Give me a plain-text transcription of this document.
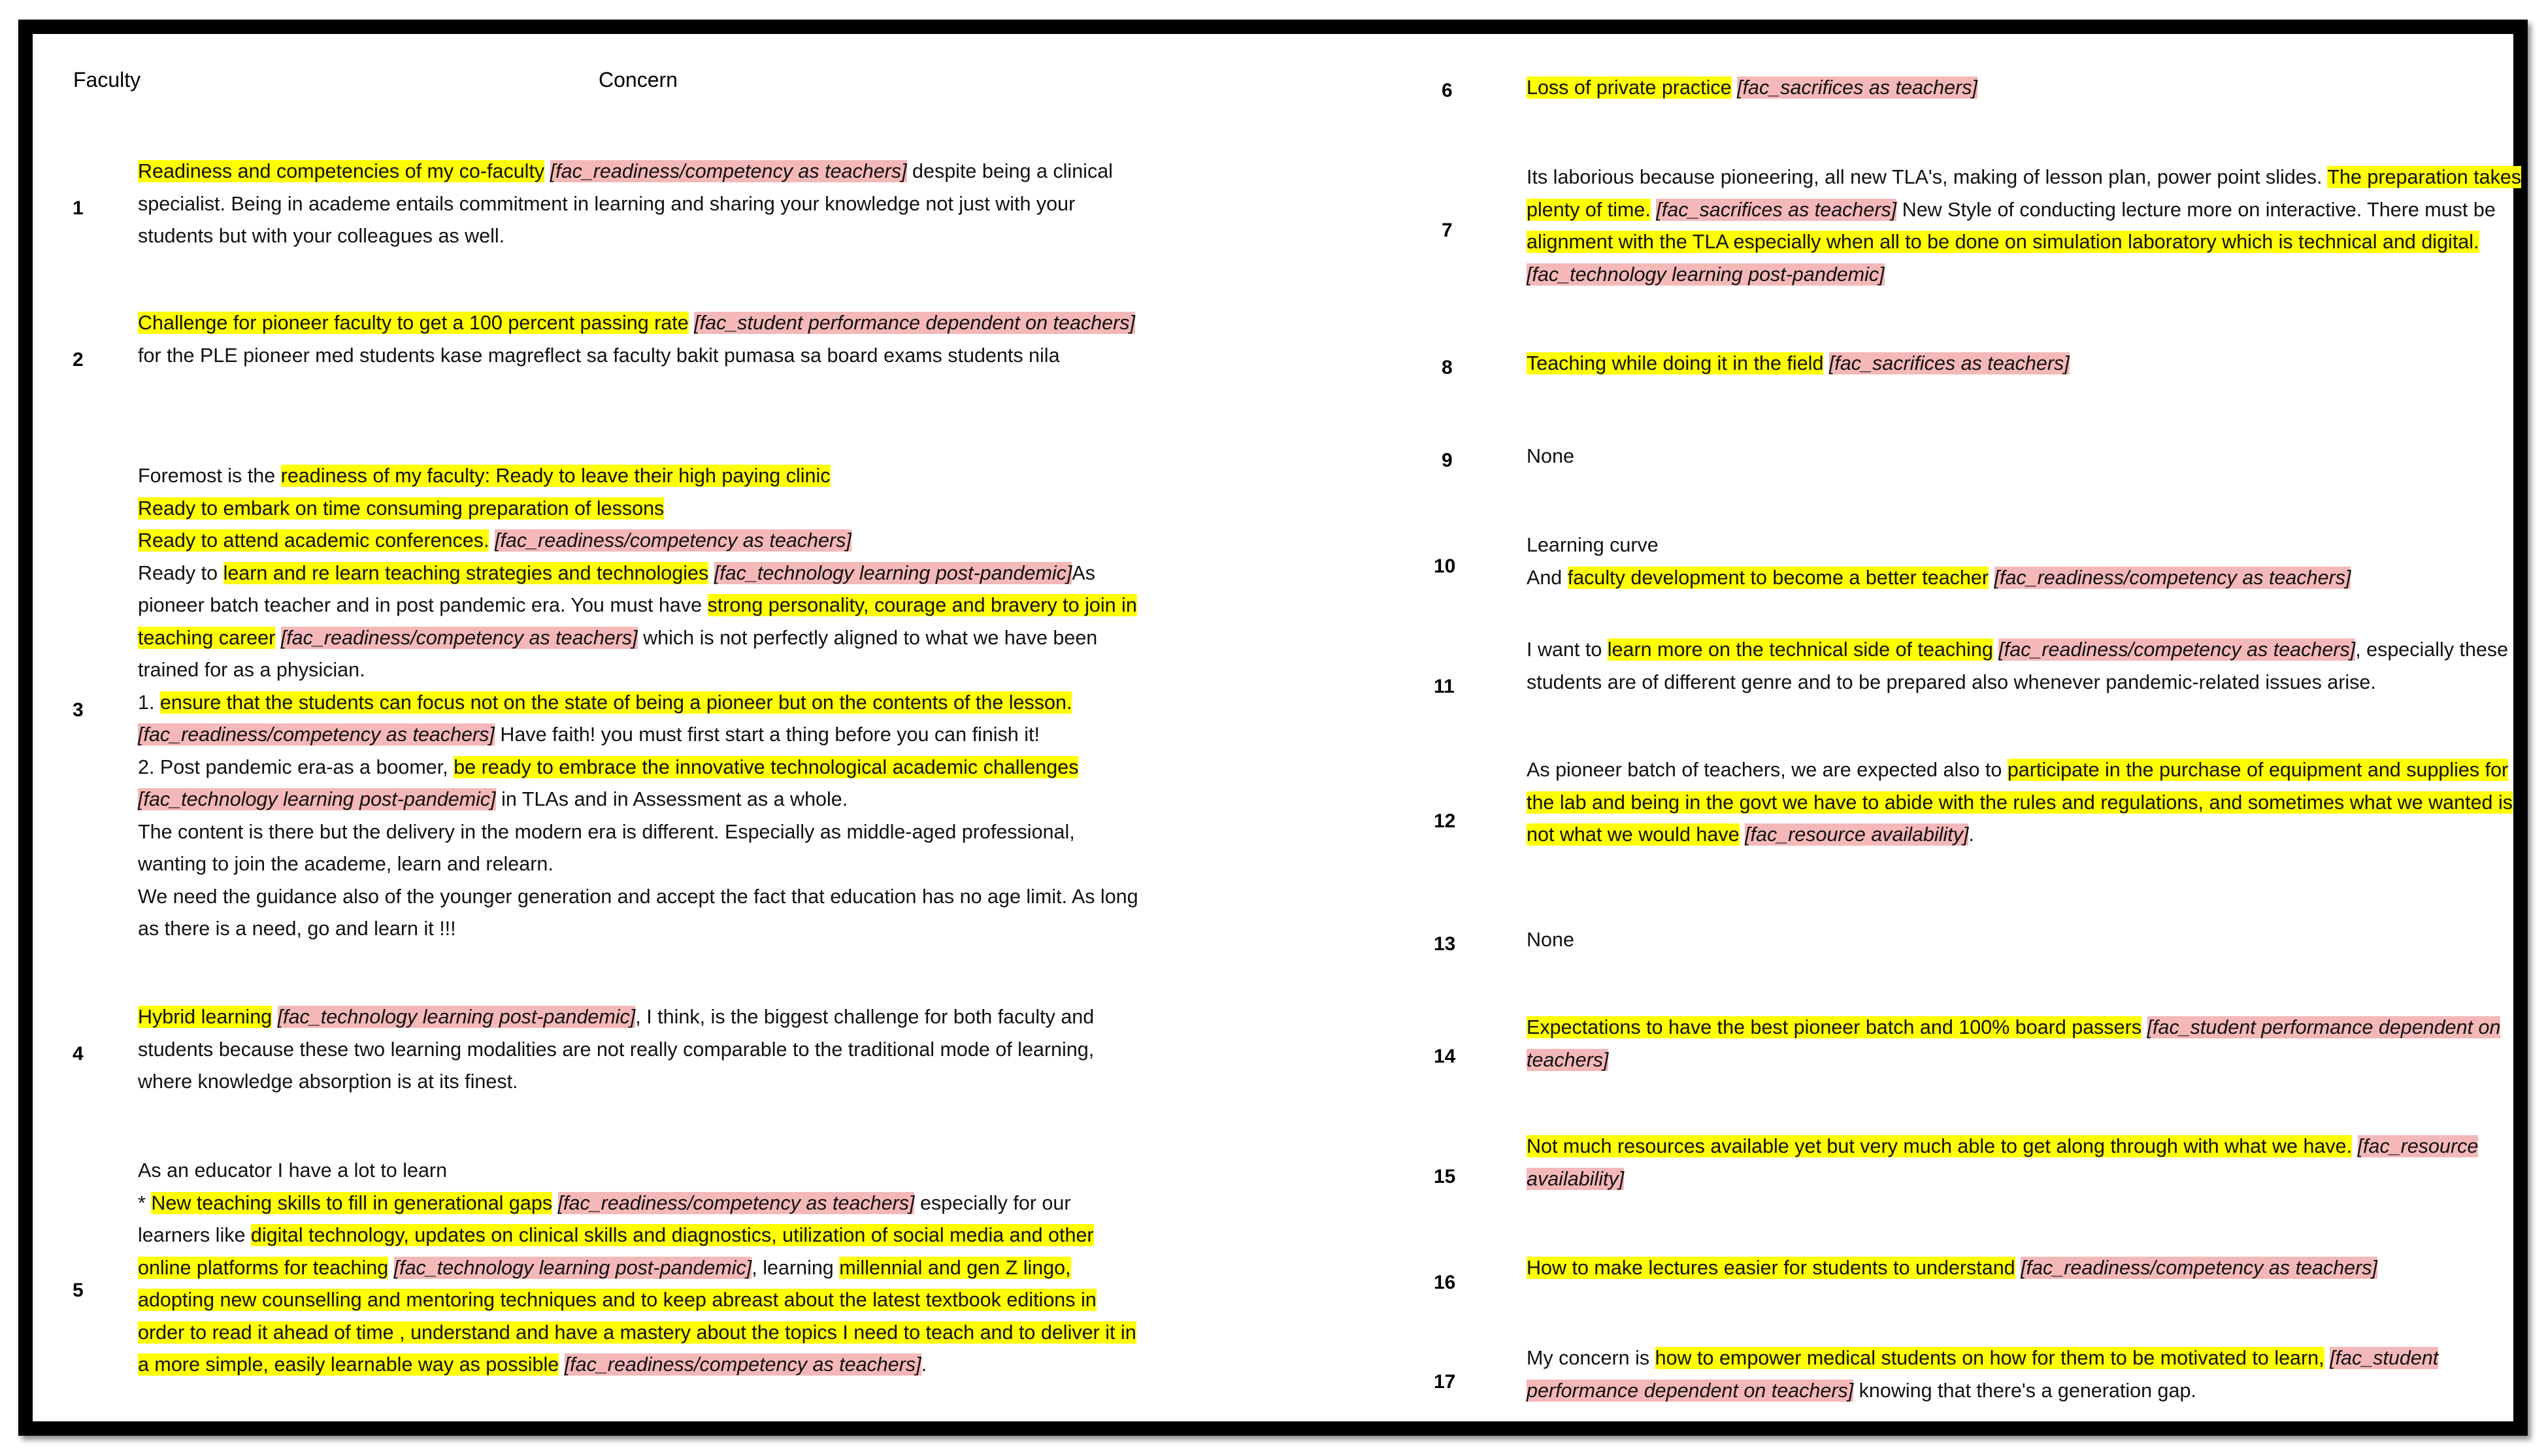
Faculty	Concern
1
Readiness and competencies of my co-faculty [fac_readiness/competency as teachers] despite being a clinical specialist. Being in academe entails commitment in learning and sharing your knowledge not just with your students but with your colleagues as well.
2
Challenge for pioneer faculty to get a 100 percent passing rate [fac_student performance dependent on teachers] for the PLE pioneer med students kase magreflect sa faculty bakit pumasa sa board exams students nila
3
Foremost is the readiness of my faculty: Ready to leave their high paying clinic
Ready to embark on time consuming preparation of lessons
Ready to attend academic conferences. [fac_readiness/competency as teachers]
Ready to learn and re learn teaching strategies and technologies [fac_technology learning post-pandemic]As pioneer batch teacher and in post pandemic era. You must have strong personality, courage and bravery to join in teaching career [fac_readiness/competency as teachers] which is not perfectly aligned to what we have been trained for as a physician.
1. ensure that the students can focus not on the state of being a pioneer but on the contents of the lesson. [fac_readiness/competency as teachers] Have faith! you must first start a thing before you can finish it!
2. Post pandemic era-as a boomer, be ready to embrace the innovative technological academic challenges [fac_technology learning post-pandemic] in TLAs and in Assessment as a whole.
The content is there but the delivery in the modern era is different. Especially as middle-aged professional, wanting to join the academe, learn and relearn.
We need the guidance also of the younger generation and accept the fact that education has no age limit. As long as there is a need, go and learn it !!!
4
Hybrid learning [fac_technology learning post-pandemic], I think, is the biggest challenge for both faculty and students because these two learning modalities are not really comparable to the traditional mode of learning, where knowledge absorption is at its finest.
5
As an educator I have a lot to learn
* New teaching skills to fill in generational gaps [fac_readiness/competency as teachers] especially for our learners like digital technology, updates on clinical skills and diagnostics, utilization of social media and other online platforms for teaching [fac_technology learning post-pandemic], learning millennial and gen Z lingo, adopting new counselling and mentoring techniques and to keep abreast about the latest textbook editions in order to read it ahead of time , understand and have a mastery about the topics I need to teach and to deliver it in a more simple, easily learnable way as possible [fac_readiness/competency as teachers].
6	Loss of private practice [fac_sacrifices as teachers]
7
Its laborious because pioneering, all new TLA's, making of lesson plan, power point slides. The preparation takes plenty of time. [fac_sacrifices as teachers] New Style of conducting lecture more on interactive. There must be alignment with the TLA especially when all to be done on simulation laboratory which is technical and digital. [fac_technology learning post-pandemic]
8	Teaching while doing it in the field [fac_sacrifices as teachers]
9	None
10
Learning curve
And faculty development to become a better teacher [fac_readiness/competency as teachers]
11
I want to learn more on the technical side of teaching [fac_readiness/competency as teachers], especially these students are of different genre and to be prepared also whenever pandemic-related issues arise.
12
As pioneer batch of teachers, we are expected also to participate in the purchase of equipment and supplies for the lab and being in the govt we have to abide with the rules and regulations, and sometimes what we wanted is not what we would have [fac_resource availability].
13	None
14
Expectations to have the best pioneer batch and 100% board passers [fac_student performance dependent on teachers]
15
Not much resources available yet but very much able to get along through with what we have. [fac_resource availability]
16
How to make lectures easier for students to understand [fac_readiness/competency as teachers]
17
My concern is how to empower medical students on how for them to be motivated to learn, [fac_student performance dependent on teachers] knowing that there's a generation gap.
